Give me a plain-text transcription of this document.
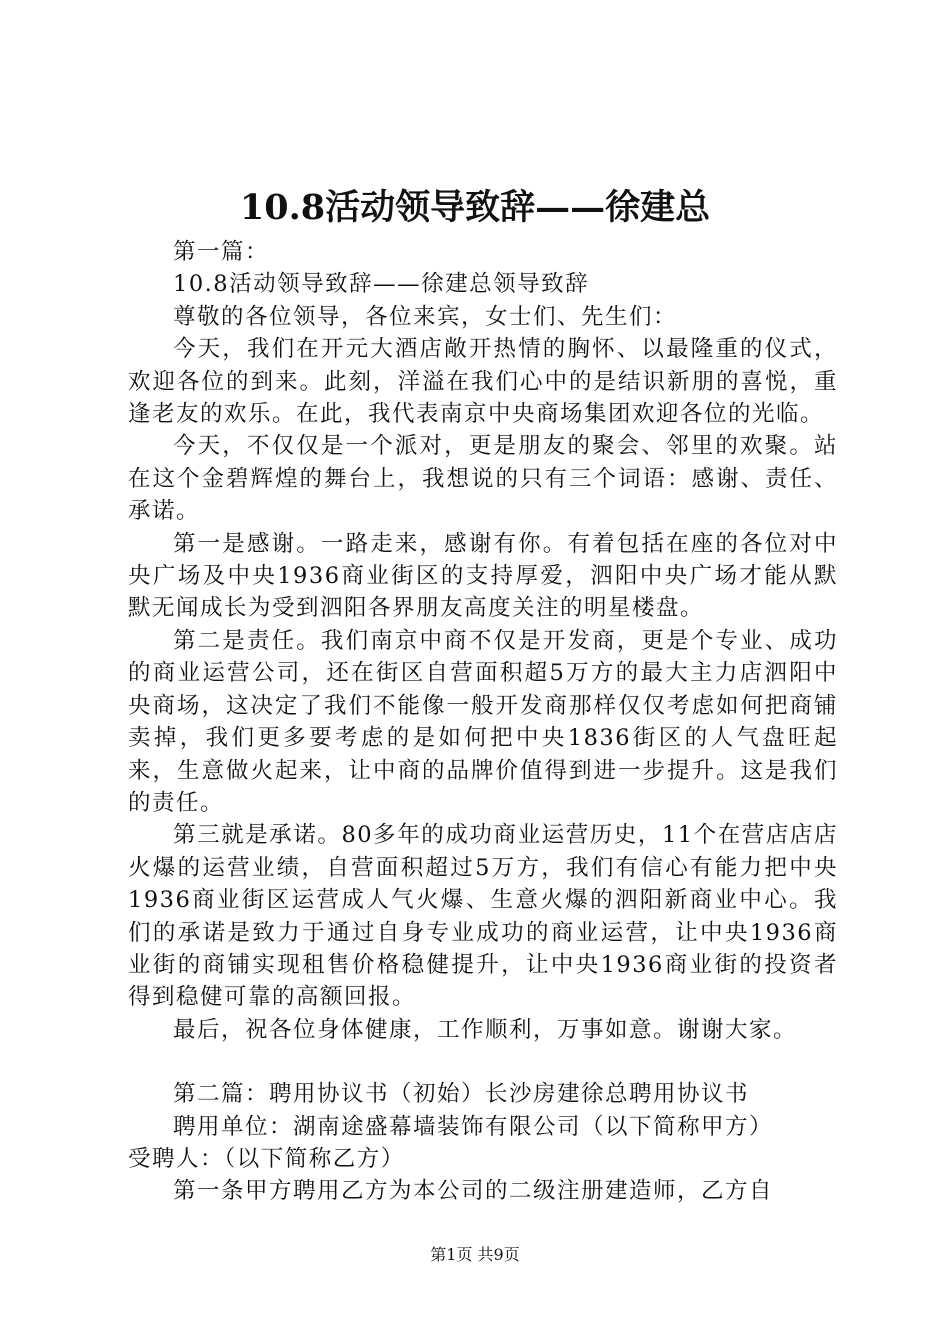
10.8活动领导致辞——徐建总

第一篇：

10.8活动领导致辞——徐建总领导致辞

尊敬的各位领导，各位来宾，女士们、先生们：

今天，我们在开元大酒店敞开热情的胸怀、以最隆重的仪式，欢迎各位的到来。此刻，洋溢在我们心中的是结识新朋的喜悦，重逢老友的欢乐。在此，我代表南京中央商场集团欢迎各位的光临。

今天，不仅仅是一个派对，更是朋友的聚会、邻里的欢聚。站在这个金碧辉煌的舞台上，我想说的只有三个词语：感谢、责任、承诺。

第一是感谢。一路走来，感谢有你。有着包括在座的各位对中央广场及中央1936商业街区的支持厚爱，泗阳中央广场才能从默默无闻成长为受到泗阳各界朋友高度关注的明星楼盘。

第二是责任。我们南京中商不仅是开发商，更是个专业、成功的商业运营公司，还在街区自营面积超5万方的最大主力店泗阳中央商场，这决定了我们不能像一般开发商那样仅仅考虑如何把商铺卖掉，我们更多要考虑的是如何把中央1836街区的人气盘旺起来，生意做火起来，让中商的品牌价值得到进一步提升。这是我们的责任。

第三就是承诺。80多年的成功商业运营历史，11个在营店店店火爆的运营业绩，自营面积超过5万方，我们有信心有能力把中央1936商业街区运营成人气火爆、生意火爆的泗阳新商业中心。我们的承诺是致力于通过自身专业成功的商业运营，让中央1936商业街的商铺实现租售价格稳健提升，让中央1936商业街的投资者得到稳健可靠的高额回报。

最后，祝各位身体健康，工作顺利，万事如意。谢谢大家。

第二篇：聘用协议书（初始）长沙房建徐总聘用协议书

聘用单位：湖南途盛幕墙装饰有限公司（以下简称甲方）

受聘人：（以下简称乙方）

第一条甲方聘用乙方为本公司的二级注册建造师，乙方自

第1页 共9页
